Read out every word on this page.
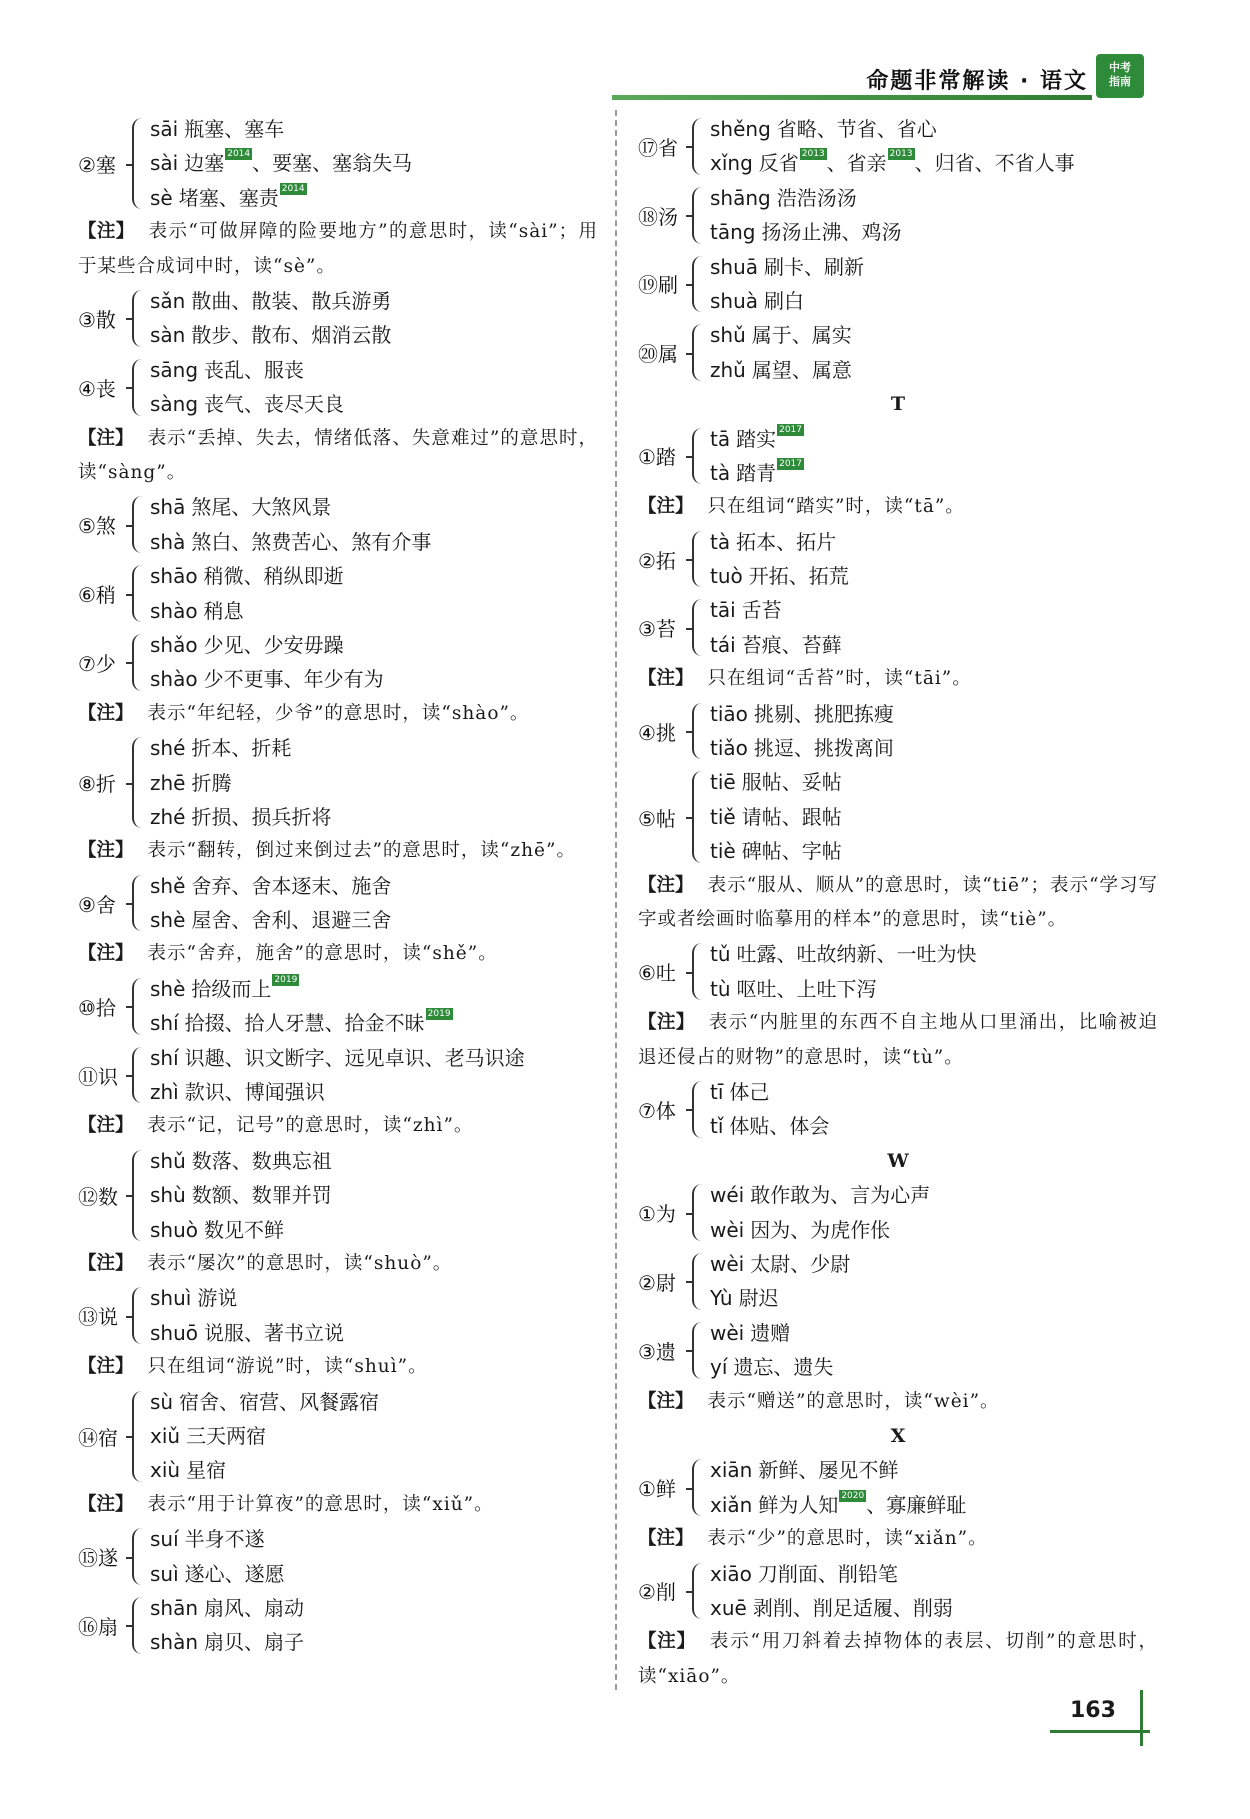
命题非常解读 · 语文
中考
指南
②塞
sāi 瓶塞、塞车
sài 边塞 2014 、要塞、塞翁失马
sè 堵塞、塞责 2014

【注】 表示“可做屏障的险要地方”的意思时，读“sài”；用于某些合成词中时，读“sè”。

③散
sǎn 散曲、散装、散兵游勇
sàn 散步、散布、烟消云散
④丧
sāng 丧乱、服丧
sàng 丧气、丧尽天良

【注】 表示“丢掉、失去，情绪低落、失意难过”的意思时，读“sàng”。

⑤煞
shā 煞尾、大煞风景
shà 煞白、煞费苦心、煞有介事
⑥稍
shāo 稍微、稍纵即逝
shào 稍息
⑦少
shǎo 少见、少安毋躁
shào 少不更事、年少有为

【注】 表示“年纪轻，少爷”的意思时，读“shào”。

⑧折
shé 折本、折耗
zhē 折腾
zhé 折损、损兵折将

【注】 表示“翻转，倒过来倒过去”的意思时，读“zhē”。

⑨舍
shě 舍弃、舍本逐末、施舍
shè 屋舍、舍利、退避三舍

【注】 表示“舍弃，施舍”的意思时，读“shě”。

⑩拾
shè 拾级而上 2019
shí 拾掇、拾人牙慧、拾金不昧 2019
⑪识
shí 识趣、识文断字、远见卓识、老马识途
zhì 款识、博闻强识

【注】 表示“记，记号”的意思时，读“zhì”。

⑫数
shǔ 数落、数典忘祖
shù 数额、数罪并罚
shuò 数见不鲜

【注】 表示“屡次”的意思时，读“shuò”。

⑬说
shuì 游说
shuō 说服、著书立说

【注】 只在组词“游说”时，读“shuì”。

⑭宿
sù 宿舍、宿营、风餐露宿
xiǔ 三天两宿
xiù 星宿

【注】 表示“用于计算夜”的意思时，读“xiǔ”。

⑮遂
suí 半身不遂
suì 遂心、遂愿
⑯扇
shān 扇风、扇动
shàn 扇贝、扇子
⑰省
shěng 省略、节省、省心
xǐng 反省 2013 、省亲 2013 、归省、不省人事
⑱汤
shāng 浩浩汤汤
tāng 扬汤止沸、鸡汤
⑲刷
shuā 刷卡、刷新
shuà 刷白
⑳属
shǔ 属于、属实
zhǔ 属望、属意
T
①踏
tā 踏实 2017
tà 踏青 2017

【注】 只在组词“踏实”时，读“tā”。

②拓
tà 拓本、拓片
tuò 开拓、拓荒
③苔
tāi 舌苔
tái 苔痕、苔藓

【注】 只在组词“舌苔”时，读“tāi”。

④挑
tiāo 挑剔、挑肥拣瘦
tiǎo 挑逗、挑拨离间
⑤帖
tiē 服帖、妥帖
tiě 请帖、跟帖
tiè 碑帖、字帖

【注】 表示“服从、顺从”的意思时，读“tiē”；表示“学习写字或者绘画时临摹用的样本”的意思时，读“tiè”。

⑥吐
tǔ 吐露、吐故纳新、一吐为快
tù 呕吐、上吐下泻

【注】 表示“内脏里的东西不自主地从口里涌出，比喻被迫退还侵占的财物”的意思时，读“tù”。

⑦体
tī 体己
tǐ 体贴、体会
W
①为
wéi 敢作敢为、言为心声
wèi 因为、为虎作伥
②尉
wèi 太尉、少尉
Yù 尉迟
③遗
wèi 遗赠
yí 遗忘、遗失

【注】 表示“赠送”的意思时，读“wèi”。

X
①鲜
xiān 新鲜、屡见不鲜
xiǎn 鲜为人知 2020 、寡廉鲜耻

【注】 表示“少”的意思时，读“xiǎn”。

②削
xiāo 刀削面、削铅笔
xuē 剥削、削足适履、削弱

【注】 表示“用刀斜着去掉物体的表层、切削”的意思时，读“xiāo”。

163
